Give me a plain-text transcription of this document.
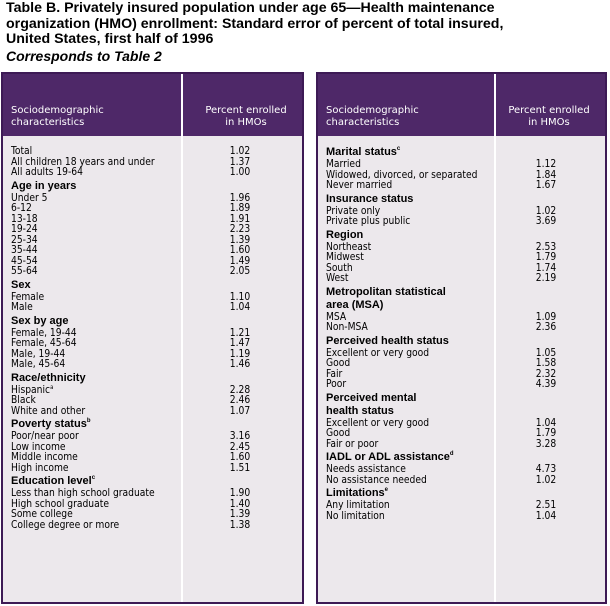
Table B. Privately insured population under age 65—Health maintenance
organization (HMO) enrollment: Standard error of percent of total insured,
United States, first half of 1996
Corresponds to Table 2
Sociodemographic
characteristics
Percent enrolled
in HMOs
Total	1.02
All children 18 years and under	1.37
All adults 19-64	1.00
Age in years
Under 5	1.96
6-12	1.89
13-18	1.91
19-24	2.23
25-34	1.39
35-44	1.60
45-54	1.49
55-64	2.05
Sex
Female	1.10
Male	1.04
Sex by age
Female, 19-44	1.21
Female, 45-64	1.47
Male, 19-44	1.19
Male, 45-64	1.46
Race/ethnicity
Hispanic$^a$	2.28
Black	2.46
White and other	1.07
Poverty status$^b$
Poor/near poor	3.16
Low income	2.45
Middle income	1.60
High income	1.51
Education level$^c$
Less than high school graduate	1.90
High school graduate	1.40
Some college	1.39
College degree or more	1.38
Sociodemographic
characteristics
Percent enrolled
in HMOs
Marital status$^c$
Married	1.12
Widowed, divorced, or separated	1.84
Never married	1.67
Insurance status
Private only	1.02
Private plus public	3.69
Region
Northeast	2.53
Midwest	1.79
South	1.74
West	2.19
Metropolitan statistical
area (MSA)
MSA	1.09
Non-MSA	2.36
Perceived health status
Excellent or very good	1.05
Good	1.58
Fair	2.32
Poor	4.39
Perceived mental
health status
Excellent or very good	1.04
Good	1.79
Fair or poor	3.28
IADL or ADL assistance$^d$
Needs assistance	4.73
No assistance needed	1.02
Limitations$^e$
Any limitation	2.51
No limitation	1.04
